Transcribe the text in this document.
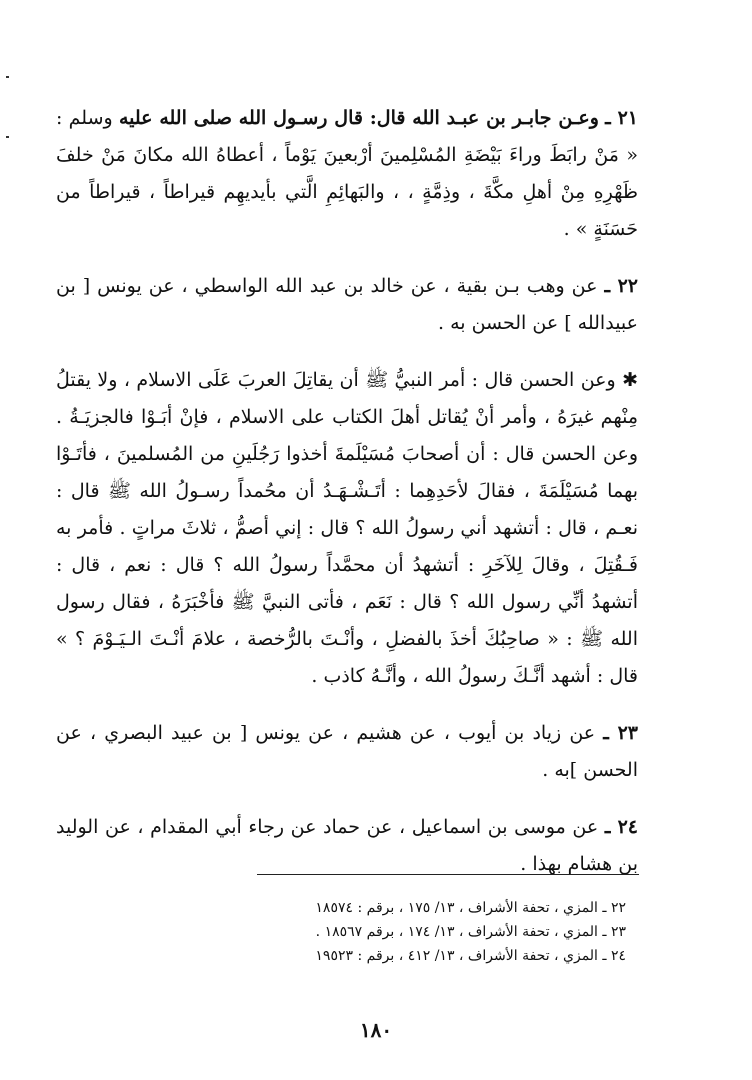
٢١ ـ وعـن جابـر بن عبـد الله قال: قال رسـول الله صلى الله عليه وسلم : « مَنْ رابَطَ وراءَ بَيْضَةِ المُسْلِمينَ أرْبعينَ يَوْماً ، أعطاهُ الله مكانَ مَنْ خلفَ ظَهْرِهِ مِنْ أهلِ مكَّةَ ، وذِمَّةٍ ، ، والبَهائِمِ الَّتي بأيديهِم قيراطاً ، قيراطاً من حَسَنَةٍ » .

٢٢ ـ عن وهب بـن بقية ، عن خالد بن عبد الله الواسطي ، عن يونس [ بن عبيدالله ] عن الحسن به .

✱ وعن الحسن قال : أمر النبيُّ ﷺ أن يقاتِلَ العربَ عَلَى الاسلام ، ولا يقتلُ مِنْهم غيرَهُ ، وأمر أنْ يُقاتل أهلَ الكتاب على الاسلام ، فإنْ أبَـوْا فالجزيَـةُ . وعن الحسن قال : أن أصحابَ مُسَيْلَمةَ أخذوا رَجُلَينِ من المُسلمينَ ، فأتَـوْا بهما مُسَيْلَمَةَ ، فقالَ لأحَدِهِما : أتَـشْـهَـدُ أن محُمداً رسـولُ الله ﷺ قال : نعـم ، قال : أتشهد أني رسولُ الله ؟ قال : إني أصمُّ ، ثلاثَ مراتٍ . فأمر به فَـقُتِلَ ، وقالَ لِلآخَرِ : أتشهدُ أن محمَّداً رسولُ الله ؟ قال : نعم ، قال : أتشهدُ أنِّي رسول الله ؟ قال : نَعَم ، فأتى النبيَّ ﷺ فأخْبَرَهُ ، فقال رسول الله ﷺ : « صاحِبُكَ أخذَ بالفضلِ ، وأنْـتَ بالرُّخصة ، علامَ أنْـتَ الـيَـوْمَ ؟ » قال : أشهد أنَّـكَ رسولُ الله ، وأنَّـهُ كاذب .

٢٣ ـ عن زياد بن أيوب ، عن هشيم ، عن يونس [ بن عبيد البصري ، عن الحسن ]به .

٢٤ ـ عن موسى بن اسماعيل ، عن حماد عن رجاء أبي المقدام ، عن الوليد بن هشام بهذا .

٢٢ ـ المزي ، تحفة الأشراف ، ١٣/ ١٧٥ ، برقم : ١٨٥٧٤
٢٣ ـ المزي ، تحفة الأشراف ، ١٣/ ١٧٤ ، برقم ١٨٥٦٧ .
٢٤ ـ المزي ، تحفة الأشراف ، ١٣/ ٤١٢ ، برقم : ١٩٥٢٣
١٨٠
